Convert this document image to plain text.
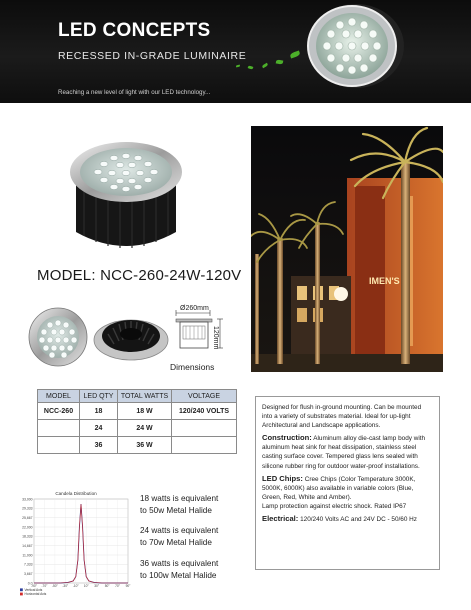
LED CONCEPTS
RECESSED IN-GRADE LUMINAIRE
Reaching a new level of light with our LED technology...
MODEL: NCC-260-24W-120V
Ø260mm
120mm
Dimensions
IMEN'S
MODEL	LED QTY	TOTAL WATTS	VOLTAGE
NCC-260	18	18 W	120/240 VOLTS
	24	24 W	
	36	36 W	

Designed for flush in-ground mounting. Can be mounted into a variety of substrates material. Ideal for up-light Architectural and Landscape applications.

Construction: Aluminum alloy die-cast lamp body with aluminum heat sink for heat dissipation, stainless steel casting surface cover. Tempered glass lens sealed with silicone rubber ring for outdoor water-proof installations.

LED Chips: Cree Chips (Color Temperature 3000K, 5000K, 6000K) also available in variable colors (Blue, Green, Red, White and Amber).

Lamp protection against electric shock. Rated IP67

Electrical: 120/240 Volts AC and 24V DC - 50/60 Hz

Candela Distribution
0.0
3,667
7,333
11,000
14,667
18,333
22,000
25,667
29,333
33,000
-90° -70° -50° -30° -10° 10° 30° 50° 70° 90°
Vertical Axis
Horizontal Axis
18 watts is equivalent
to 50w Metal Halide
24 watts is equivalent
to 70w Metal Halide
36 watts is equivalent
to 100w Metal Halide
